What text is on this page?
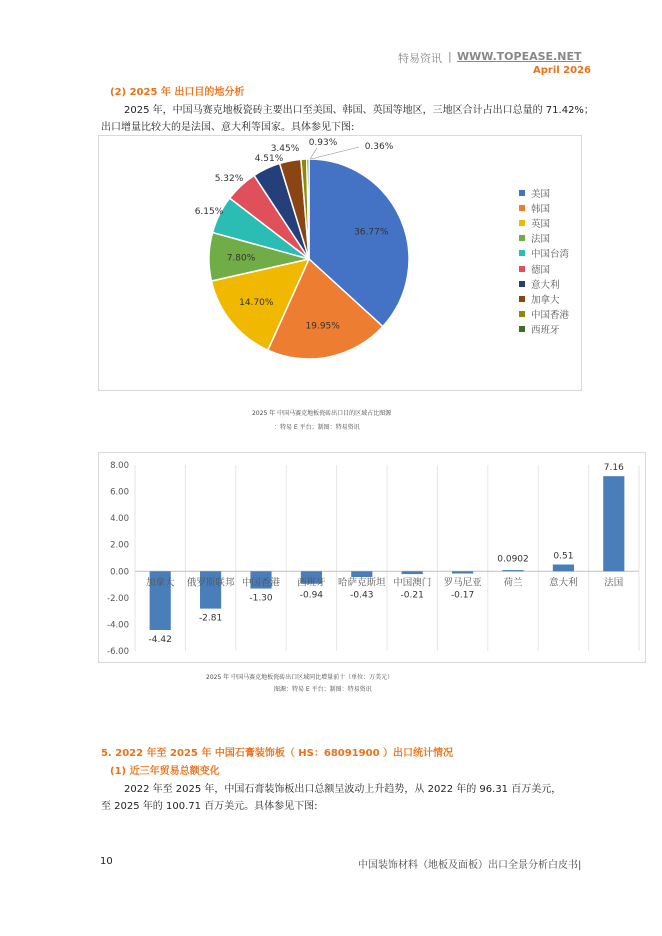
特易资讯 | WWW.TOPEASE.NET
April 2026
(2) 2025 年 出口目的地分析
2025 年，中国马赛克地板瓷砖主要出口至美国、韩国、英国等地区，三地区合计占出口总量的 71.42%；
出口增量比较大的是法国、意大利等国家。具体参见下图:
36.77%
19.95%
14.70%
7.80%
6.15%
5.32%
4.51%
3.45%
0.93%	0.36%
美国
韩国
英国
法国
中国台湾
德国
意大利
加拿大
中国香港
西班牙
2025 年 中国马赛克地板瓷砖出口目的区域占比图源
：特易 E 平台；制图：特易资讯
8.00
6.00
4.00
2.00
0.00
-2.00
-4.00
-6.00
加拿大
-4.42
俄罗斯联邦
-2.81
中国香港
-1.30
西班牙
-0.94
哈萨克斯坦
-0.43
中国澳门
-0.21
罗马尼亚
-0.17
荷兰
0.0902
意大利
0.51
法国
7.16
2025 年 中国马赛克地板瓷砖出口区域同比增量前十（单位：万美元）
图源：特易 E 平台；制图：特易资讯
5. 2022 年至 2025 年 中国石膏装饰板（ HS：68091900 ）出口统计情况
(1) 近三年贸易总额变化
2022 年至 2025 年，中国石膏装饰板出口总额呈波动上升趋势，从 2022 年的 96.31 百万美元，
至 2025 年的 100.71 百万美元。具体参见下图:
10	中国装饰材料（地板及面板）出口全景分析白皮书|
